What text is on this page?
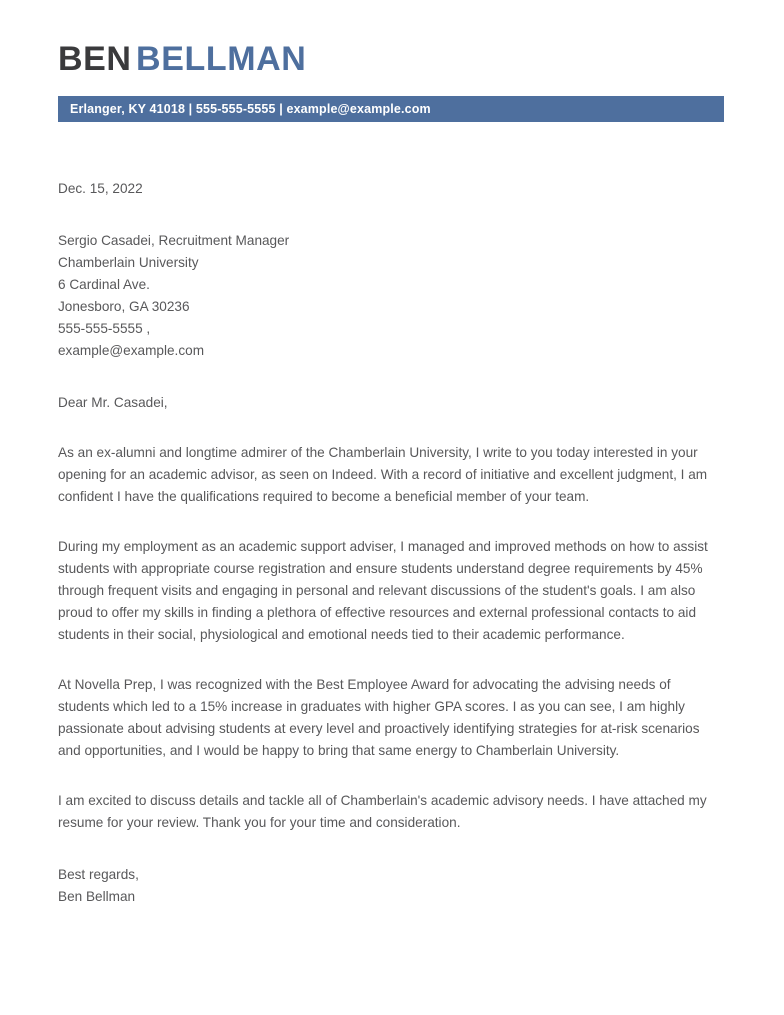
BEN BELLMAN
Erlanger, KY 41018 | 555-555-5555 | example@example.com
Dec. 15, 2022
Sergio Casadei, Recruitment Manager
Chamberlain University
6 Cardinal Ave.
Jonesboro, GA 30236
555-555-5555 ,
example@example.com
Dear Mr. Casadei,
As an ex-alumni and longtime admirer of the Chamberlain University, I write to you today interested in your opening for an academic advisor, as seen on Indeed. With a record of initiative and excellent judgment, I am confident I have the qualifications required to become a beneficial member of your team.
During my employment as an academic support adviser, I managed and improved methods on how to assist students with appropriate course registration and ensure students understand degree requirements by 45% through frequent visits and engaging in personal and relevant discussions of the student's goals. I am also proud to offer my skills in finding a plethora of effective resources and external professional contacts to aid students in their social, physiological and emotional needs tied to their academic performance.
At Novella Prep, I was recognized with the Best Employee Award for advocating the advising needs of students which led to a 15% increase in graduates with higher GPA scores. I as you can see, I am highly passionate about advising students at every level and proactively identifying strategies for at-risk scenarios and opportunities, and I would be happy to bring that same energy to Chamberlain University.
I am excited to discuss details and tackle all of Chamberlain's academic advisory needs. I have attached my resume for your review. Thank you for your time and consideration.
Best regards,
Ben Bellman
